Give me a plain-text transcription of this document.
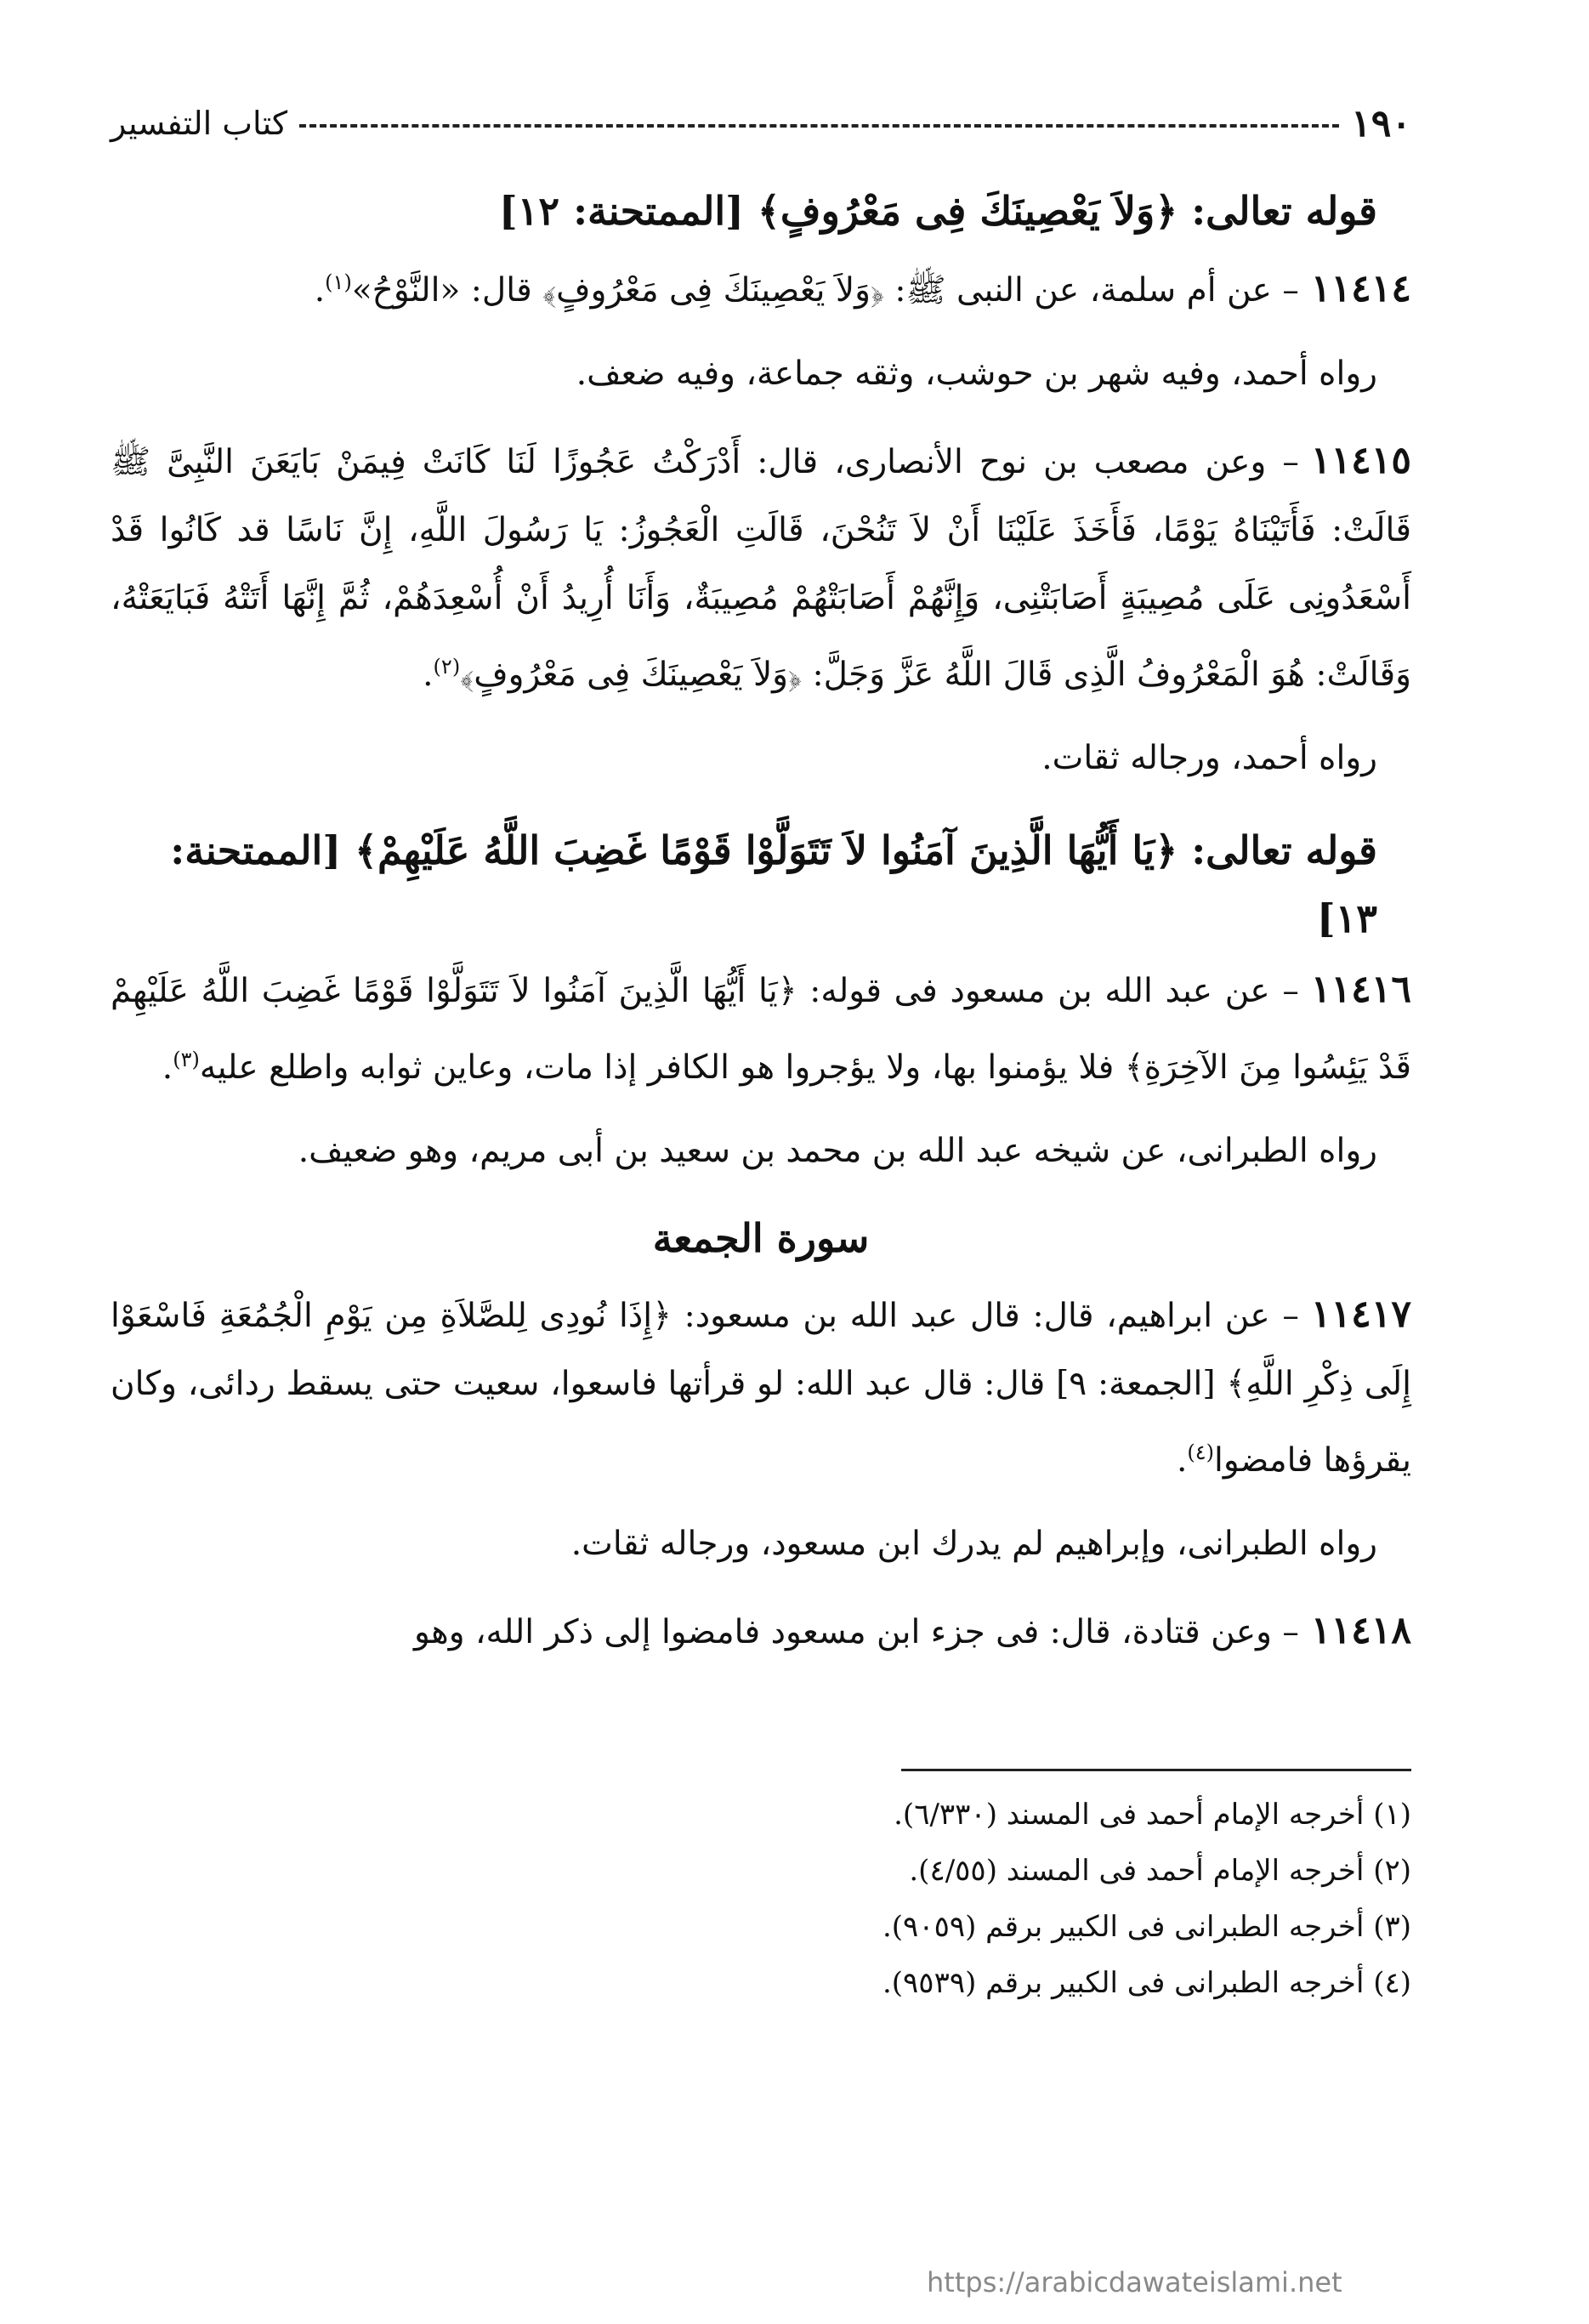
١٩٠
كتاب التفسير
قوله تعالى: ﴿وَلاَ يَعْصِينَكَ فِى مَعْرُوفٍ﴾ [الممتحنة: ١٢]

١١٤١٤– عن أم سلمة، عن النبى ﷺ: ﴿وَلاَ يَعْصِينَكَ فِى مَعْرُوفٍ﴾ قال: «النَّوْحُ»$^{(١)}$.

رواه أحمد، وفيه شهر بن حوشب، وثقه جماعة، وفيه ضعف.

١١٤١٥– وعن مصعب بن نوح الأنصارى، قال: أَدْرَكْتُ عَجُوزًا لَنَا كَانَتْ فِيمَنْ بَايَعَنَ النَّبِىَّ ﷺ قَالَتْ: فَأَتَيْنَاهُ يَوْمًا، فَأَخَذَ عَلَيْنَا أَنْ لاَ تَنُحْنَ، قَالَتِ الْعَجُوزُ: يَا رَسُولَ اللَّهِ، إِنَّ نَاسًا قد كَانُوا قَدْ أَسْعَدُونِى عَلَى مُصِيبَةٍ أَصَابَتْنِى، وَإِنَّهُمْ أَصَابَتْهُمْ مُصِيبَةٌ، وَأَنَا أُرِيدُ أَنْ أُسْعِدَهُمْ، ثُمَّ إِنَّهَا أَتَتْهُ فَبَايَعَتْهُ، وَقَالَتْ: هُوَ الْمَعْرُوفُ الَّذِى قَالَ اللَّهُ عَزَّ وَجَلَّ: ﴿وَلاَ يَعْصِينَكَ فِى مَعْرُوفٍ﴾$^{(٢)}$.

رواه أحمد، ورجاله ثقات.
قوله تعالى: ﴿يَا أَيُّهَا الَّذِينَ آمَنُوا لاَ تَتَوَلَّوْا قَوْمًا غَضِبَ اللَّهُ عَلَيْهِمْ﴾ [الممتحنة: ١٣]

١١٤١٦– عن عبد الله بن مسعود فى قوله: ﴿يَا أَيُّهَا الَّذِينَ آمَنُوا لاَ تَتَوَلَّوْا قَوْمًا غَضِبَ اللَّهُ عَلَيْهِمْ قَدْ يَئِسُوا مِنَ الآخِرَةِ﴾ فلا يؤمنوا بها، ولا يؤجروا هو الكافر إذا مات، وعاين ثوابه واطلع عليه$^{(٣)}$.

رواه الطبرانى، عن شيخه عبد الله بن محمد بن سعيد بن أبى مريم، وهو ضعيف.
سورة الجمعة

١١٤١٧– عن ابراهيم، قال: قال عبد الله بن مسعود: ﴿إِذَا نُودِى لِلصَّلاَةِ مِن يَوْمِ الْجُمُعَةِ فَاسْعَوْا إِلَى ذِكْرِ اللَّهِ﴾ [الجمعة: ٩] قال: قال عبد الله: لو قرأتها فاسعوا، سعيت حتى يسقط ردائى، وكان يقرؤها فامضوا$^{(٤)}$.

رواه الطبرانى، وإبراهيم لم يدرك ابن مسعود، ورجاله ثقات.

١١٤١٨– وعن قتادة، قال: فى جزء ابن مسعود فامضوا إلى ذكر الله، وهو

(١) أخرجه الإمام أحمد فى المسند (٦/٣٣٠).

(٢) أخرجه الإمام أحمد فى المسند (٤/٥٥).

(٣) أخرجه الطبرانى فى الكبير برقم (٩٠٥٩).

(٤) أخرجه الطبرانى فى الكبير برقم (٩٥٣٩).

https://arabicdawateislami.net
